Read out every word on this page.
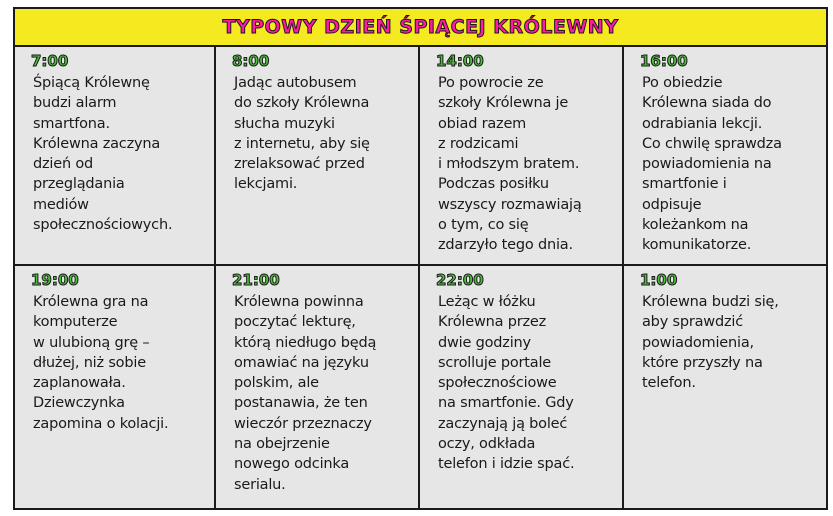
TYPOWY DZIEŃ ŚPIĄCEJ KRÓLEWNY
7:00
Śpiącą Królewnę
budzi alarm
smartfona.
Królewna zaczyna
dzień od
przeglądania
mediów
społecznościowych.
8:00
Jadąc autobusem
do szkoły Królewna
słucha muzyki
z internetu, aby się
zrelaksować przed
lekcjami.
14:00
Po powrocie ze
szkoły Królewna je
obiad razem
z rodzicami
i młodszym bratem.
Podczas posiłku
wszyscy rozmawiają
o tym, co się
zdarzyło tego dnia.
16:00
Po obiedzie
Królewna siada do
odrabiania lekcji.
Co chwilę sprawdza
powiadomienia na
smartfonie i
odpisuje
koleżankom na
komunikatorze.
19:00
Królewna gra na
komputerze
w ulubioną grę –
dłużej, niż sobie
zaplanowała.
Dziewczynka
zapomina o kolacji.
21:00
Królewna powinna
poczytać lekturę,
którą niedługo będą
omawiać na języku
polskim, ale
postanawia, że ten
wieczór przeznaczy
na obejrzenie
nowego odcinka
serialu.
22:00
Leżąc w łóżku
Królewna przez
dwie godziny
scrolluje portale
społecznościowe
na smartfonie. Gdy
zaczynają ją boleć
oczy, odkłada
telefon i idzie spać.
1:00
Królewna budzi się,
aby sprawdzić
powiadomienia,
które przyszły na
telefon.
